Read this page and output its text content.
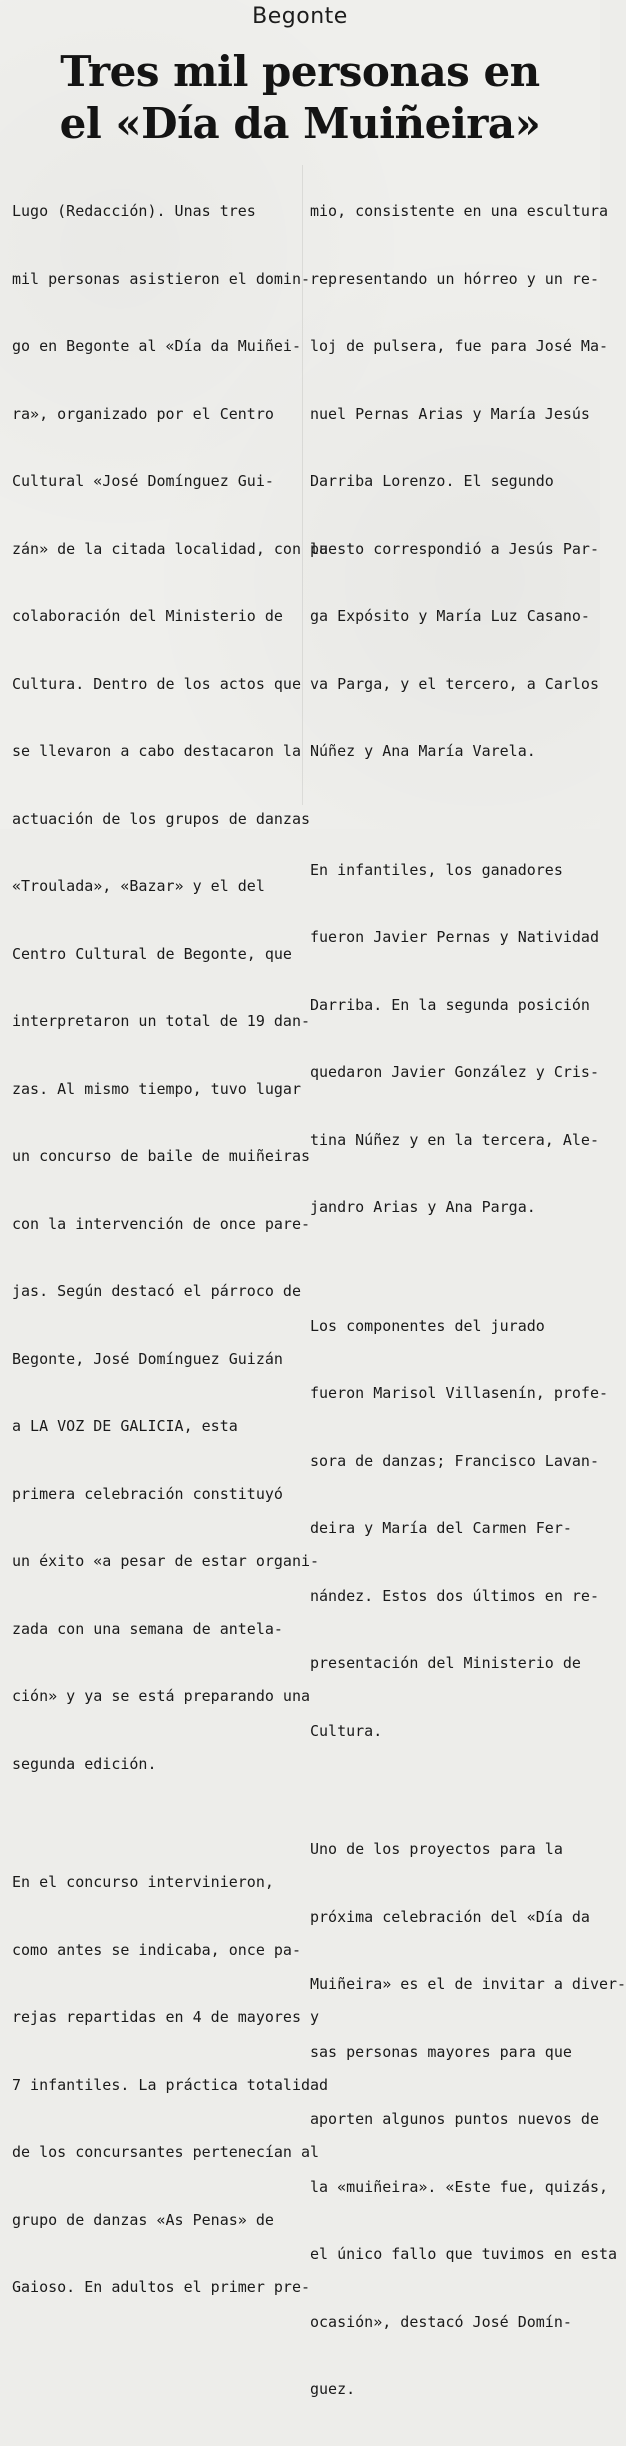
Begonte
Tres mil personas en
el «Día da Muiñeira»

Lugo (Redacción). Unas tres

mil personas asistieron el domin-

go en Begonte al «Día da Muiñei-

ra», organizado por el Centro

Cultural «José Domínguez Gui-

zán» de la citada localidad, con la

colaboración del Ministerio de

Cultura. Dentro de los actos que

se llevaron a cabo destacaron la

actuación de los grupos de danzas

«Troulada», «Bazar» y el del

Centro Cultural de Begonte, que

interpretaron un total de 19 dan-

zas. Al mismo tiempo, tuvo lugar

un concurso de baile de muiñeiras

con la intervención de once pare-

jas. Según destacó el párroco de

Begonte, José Domínguez Guizán

a LA VOZ DE GALICIA, esta

primera celebración constituyó

un éxito «a pesar de estar organi-

zada con una semana de antela-

ción» y ya se está preparando una

segunda edición.

En el concurso intervinieron,

como antes se indicaba, once pa-

rejas repartidas en 4 de mayores y

7 infantiles. La práctica totalidad

de los concursantes pertenecían al

grupo de danzas «As Penas» de

Gaioso. En adultos el primer pre-

mio, consistente en una escultura

representando un hórreo y un re-

loj de pulsera, fue para José Ma-

nuel Pernas Arias y María Jesús

Darriba Lorenzo. El segundo

puesto correspondió a Jesús Par-

ga Expósito y María Luz Casano-

va Parga, y el tercero, a Carlos

Núñez y Ana María Varela.

En infantiles, los ganadores

fueron Javier Pernas y Natividad

Darriba. En la segunda posición

quedaron Javier González y Cris-

tina Núñez y en la tercera, Ale-

jandro Arias y Ana Parga.

Los componentes del jurado

fueron Marisol Villasenín, profe-

sora de danzas; Francisco Lavan-

deira y María del Carmen Fer-

nández. Estos dos últimos en re-

presentación del Ministerio de

Cultura.

Uno de los proyectos para la

próxima celebración del «Día da

Muiñeira» es el de invitar a diver-

sas personas mayores para que

aporten algunos puntos nuevos de

la «muiñeira». «Este fue, quizás,

el único fallo que tuvimos en esta

ocasión», destacó José Domín-

guez.
